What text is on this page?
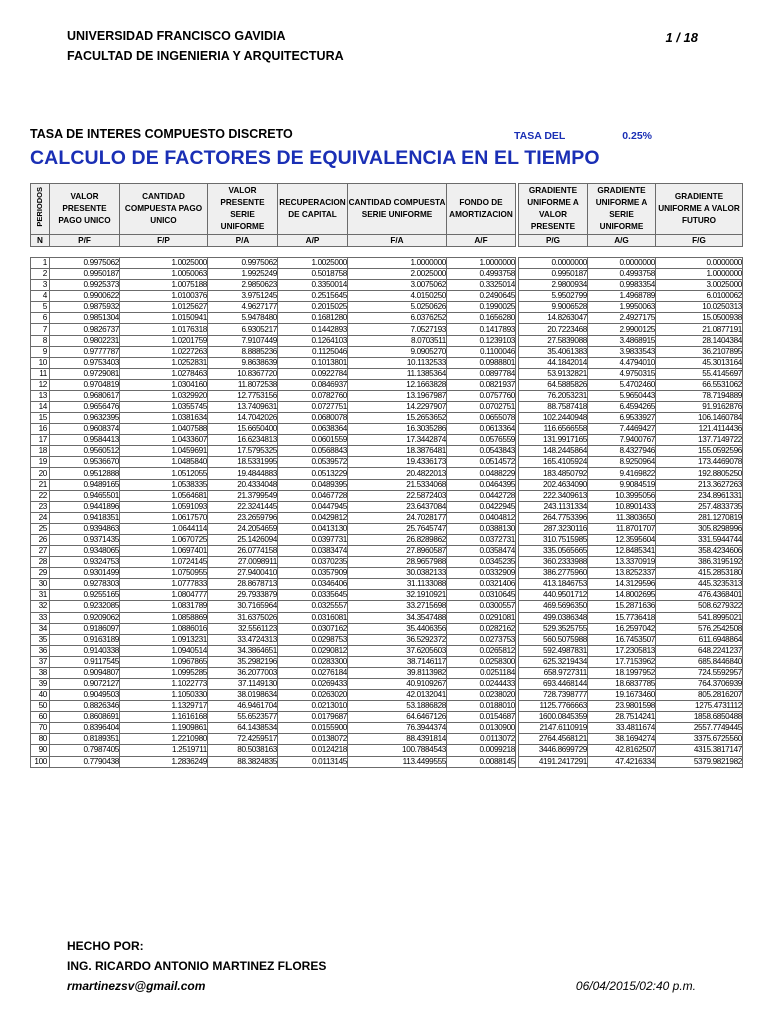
UNIVERSIDAD FRANCISCO GAVIDIA
FACULTAD DE INGENIERIA Y ARQUITECTURA
1 / 18
TASA DE INTERES COMPUESTO DISCRETO	TASA DEL	0.25%
CALCULO DE FACTORES DE EQUIVALENCIA EN EL TIEMPO
PERIODOS	VALOR PRESENTE PAGO UNICO	CANTIDAD COMPUESTA PAGO UNICO	VALOR PRESENTE SERIE UNIFORME	RECUPERACION DE CAPITAL	CANTIDAD COMPUESTA SERIE UNIFORME	FONDO DE AMORTIZACION		GRADIENTE UNIFORME A VALOR PRESENTE	GRADIENTE UNIFORME A SERIE UNIFORME	GRADIENTE UNIFORME A VALOR FUTURO
N	P/F	F/P	P/A	A/P	F/A	A/F		P/G	A/G	F/G
1	0.9975062	1.0025000	0.9975062	1.0025000	1.0000000	1.0000000		0.0000000	0.0000000	0.0000000
2	0.9950187	1.0050063	1.9925249	0.5018758	2.0025000	0.4993758		0.9950187	0.4993758	1.0000000
3	0.9925373	1.0075188	2.9850623	0.3350014	3.0075062	0.3325014		2.9800934	0.9983354	3.0025000
4	0.9900622	1.0100376	3.9751245	0.2515645	4.0150250	0.2490645		5.9502799	1.4968789	6.0100062
5	0.9875932	1.0125627	4.9627177	0.2015025	5.0250626	0.1990025		9.9006528	1.9950063	10.0250313
6	0.9851304	1.0150941	5.9478480	0.1681280	6.0376252	0.1656280		14.8263047	2.4927175	15.0500938
7	0.9826737	1.0176318	6.9305217	0.1442893	7.0527193	0.1417893		20.7223468	2.9900125	21.0877191
8	0.9802231	1.0201759	7.9107449	0.1264103	8.0703511	0.1239103		27.5839088	3.4868915	28.1404384
9	0.9777787	1.0227263	8.8885236	0.1125046	9.0905270	0.1100046		35.4061383	3.9833543	36.2107895
10	0.9753403	1.0252831	9.8638639	0.1013801	10.1132533	0.0988801		44.1842014	4.4794010	45.3013164
11	0.9729081	1.0278463	10.8367720	0.0922784	11.1385364	0.0897784		53.9132821	4.9750315	55.4145697
12	0.9704819	1.0304160	11.8072538	0.0846937	12.1663828	0.0821937		64.5885826	5.4702460	66.5531062
13	0.9680617	1.0329920	12.7753156	0.0782760	13.1967987	0.0757760		76.2053231	5.9650443	78.7194889
14	0.9656476	1.0355745	13.7409631	0.0727751	14.2297907	0.0702751		88.7587418	6.4594265	91.9162876
15	0.9632395	1.0381634	14.7042026	0.0680078	15.2653652	0.0655078		102.2440948	6.9533927	106.1460784
16	0.9608374	1.0407588	15.6650400	0.0638364	16.3035286	0.0613364		116.6566558	7.4469427	121.4114436
17	0.9584413	1.0433607	16.6234813	0.0601559	17.3442874	0.0576559		131.9917165	7.9400767	137.7149722
18	0.9560512	1.0459691	17.5795325	0.0568843	18.3876481	0.0543843		148.2445864	8.4327946	155.0592596
19	0.9536670	1.0485840	18.5331995	0.0539572	19.4336173	0.0514572		165.4105924	8.9250964	173.4469078
20	0.9512888	1.0512055	19.4844883	0.0513229	20.4822013	0.0488229		183.4850792	9.4169822	192.8805250
21	0.9489165	1.0538335	20.4334048	0.0489395	21.5334068	0.0464395		202.4634090	9.9084519	213.3627263
22	0.9465501	1.0564681	21.3799549	0.0467728	22.5872403	0.0442728		222.3409613	10.3995056	234.8961331
23	0.9441896	1.0591093	22.3241445	0.0447945	23.6437084	0.0422945		243.1131334	10.8901433	257.4833735
24	0.9418351	1.0617570	23.2659796	0.0429812	24.7028177	0.0404812		264.7753396	11.3803650	281.1270819
25	0.9394863	1.0644114	24.2054659	0.0413130	25.7645747	0.0388130		287.3230116	11.8701707	305.8298996
26	0.9371435	1.0670725	25.1426094	0.0397731	26.8289862	0.0372731		310.7515985	12.3595604	331.5944744
27	0.9348065	1.0697401	26.0774158	0.0383474	27.8960587	0.0358474		335.0565665	12.8485341	358.4234606
28	0.9324753	1.0724145	27.0098911	0.0370235	28.9657988	0.0345235		360.2333988	13.3370919	386.3195192
29	0.9301499	1.0750955	27.9400410	0.0357909	30.0382133	0.0332909		386.2775960	13.8252337	415.2853180
30	0.9278303	1.0777833	28.8678713	0.0346406	31.1133088	0.0321406		413.1846753	14.3129596	445.3235313
31	0.9255165	1.0804777	29.7933879	0.0335645	32.1910921	0.0310645		440.9501712	14.8002695	476.4368401
32	0.9232085	1.0831789	30.7165964	0.0325557	33.2715698	0.0300557		469.5696350	15.2871636	508.6279322
33	0.9209062	1.0858869	31.6375026	0.0316081	34.3547488	0.0291081		499.0386348	15.7736418	541.8995021
34	0.9186097	1.0886016	32.5561123	0.0307162	35.4406356	0.0282162		529.3525755	16.2597042	576.2542508
35	0.9163189	1.0913231	33.4724313	0.0298753	36.5292372	0.0273753		560.5075988	16.7453507	611.6948864
36	0.9140338	1.0940514	34.3864651	0.0290812	37.6205603	0.0265812		592.4987831	17.2305813	648.2241237
37	0.9117545	1.0967865	35.2982196	0.0283300	38.7146117	0.0258300		625.3219434	17.7153962	685.8446840
38	0.9094807	1.0995285	36.2077003	0.0276184	39.8113982	0.0251184		658.9727311	18.1997952	724.5592957
39	0.9072127	1.1022773	37.1149130	0.0269433	40.9109267	0.0244433		693.4468144	18.6837785	764.3706939
40	0.9049503	1.1050330	38.0198634	0.0263020	42.0132041	0.0238020		728.7398777	19.1673460	805.2816207
50	0.8826346	1.1329717	46.9461704	0.0213010	53.1886828	0.0188010		1125.7766663	23.9801598	1275.4731112
60	0.8608691	1.1616168	55.6523577	0.0179687	64.6467126	0.0154687		1600.0845359	28.7514241	1858.6850488
70	0.8396404	1.1909861	64.1438534	0.0155900	76.3944374	0.0130900		2147.6110919	33.4811674	2557.7749445
80	0.8189351	1.2210980	72.4259517	0.0138072	88.4391814	0.0113072		2764.4568121	38.1694274	3375.6725560
90	0.7987405	1.2519711	80.5038163	0.0124218	100.7884543	0.0099218		3446.8699729	42.8162507	4315.3817147
100	0.7790438	1.2836249	88.3824835	0.0113145	113.4499555	0.0088145		4191.2417291	47.4216334	5379.9821982
HECHO POR:
ING. RICARDO ANTONIO MARTINEZ FLORES
rmartinezsv@gmail.com	06/04/2015/02:40 p.m.
